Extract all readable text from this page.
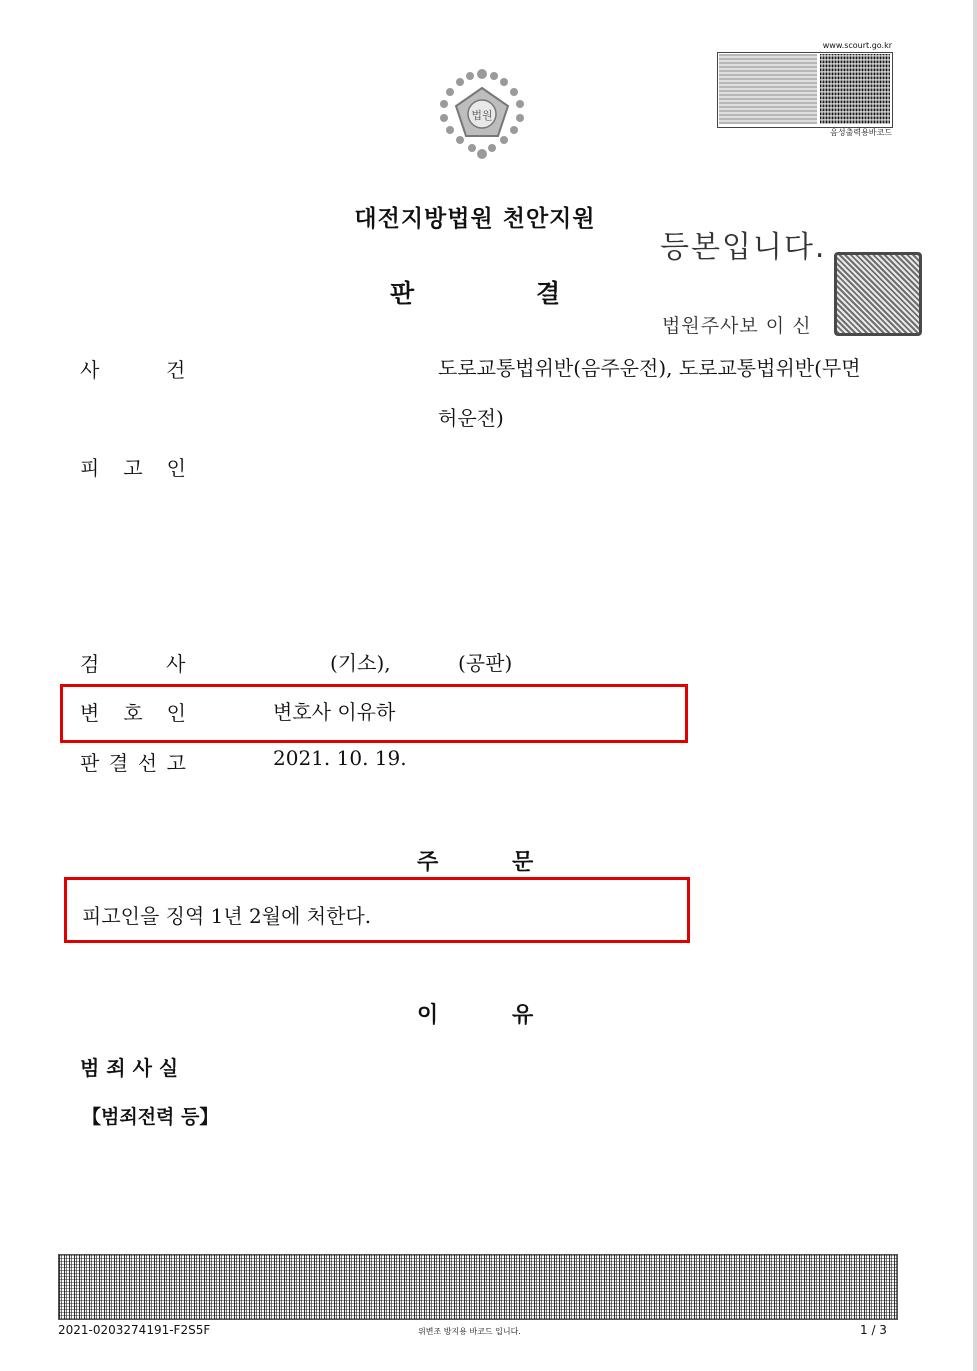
법원
www.scourt.go.kr
음성출력용바코드
대전지방법원 천안지원
판	결
등본입니다.
법원주사보 이 신
사	건	도로교통법위반(음주운전), 도로교통법위반(무면
허운전)
피 고 인
검	사	(기소),	(공판)
변 호 인	변호사 이유하
판 결 선 고	2021. 10. 19.
주	문
피고인을 징역 1년 2월에 처한다.
이	유
범 죄 사 실
【범죄전력 등】
2021-0203274191-F2S5F	위변조 방지용 바코드 입니다.	1 / 3
